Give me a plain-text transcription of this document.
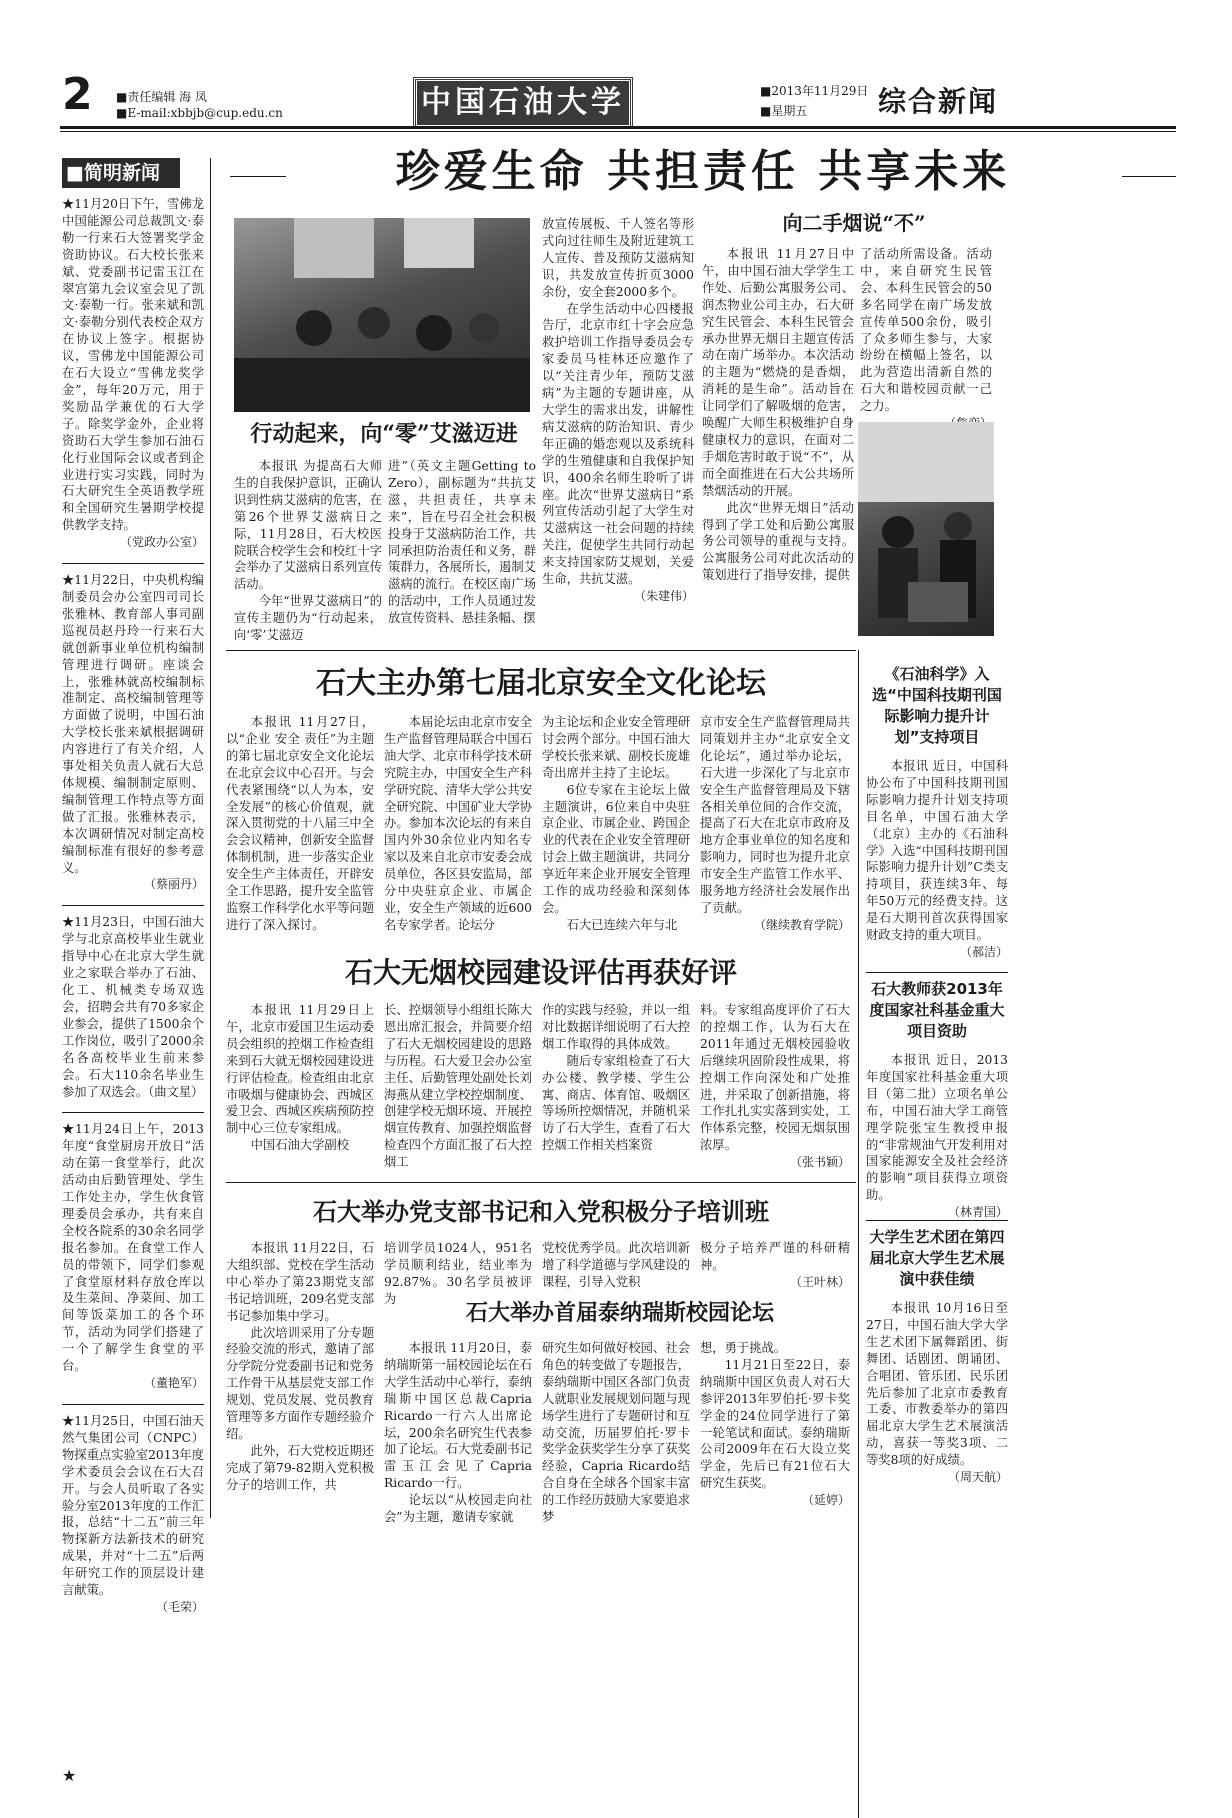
2 ■责任编辑 海 凤
■E-mail:xbbjb@cup.edu.cn	中国石油大学	■2013年11月29日
■星期五	综合新闻
■简明新闻

★11月20日下午，雪佛龙中国能源公司总裁凯文·泰勒一行来石大签署奖学金资助协议。石大校长张来斌、党委副书记雷玉江在翠宫第九会议室会见了凯文·泰勒一行。张来斌和凯文·泰勒分别代表校企双方在协议上签字。根据协议，雪佛龙中国能源公司在石大设立“雪佛龙奖学金”，每年20万元，用于奖励品学兼优的石大学子。除奖学金外，企业将资助石大学生参加石油石化行业国际会议或者到企业进行实习实践，同时为石大研究生全英语教学班和全国研究生暑期学校提供教学支持。

（党政办公室）

★11月22日，中央机构编制委员会办公室四司司长张雅林、教育部人事司副巡视员赵丹玲一行来石大就创新事业单位机构编制管理进行调研。座谈会上，张雅林就高校编制标准制定、高校编制管理等方面做了说明，中国石油大学校长张来斌根据调研内容进行了有关介绍，人事处相关负责人就石大总体规模、编制制定原则、编制管理工作特点等方面做了汇报。张雅林表示，本次调研情况对制定高校编制标准有很好的参考意义。

（蔡丽丹）

★11月23日，中国石油大学与北京高校毕业生就业指导中心在北京大学生就业之家联合举办了石油、化工、机械类专场双选会，招聘会共有70多家企业参会，提供了1500余个工作岗位，吸引了2000余名各高校毕业生前来参会。石大110余名毕业生参加了双选会。（曲文星）

★11月24日上午，2013年度“食堂厨房开放日”活动在第一食堂举行，此次活动由后勤管理处、学生工作处主办，学生伙食管理委员会承办，共有来自全校各院系的30余名同学报名参加。在食堂工作人员的带领下，同学们参观了食堂原材料存放仓库以及生菜间、净菜间、加工间等饭菜加工的各个环节，活动为同学们搭建了一个了解学生食堂的平台。

（董艳军）

★11月25日，中国石油天然气集团公司（CNPC）物探重点实验室2013年度学术委员会会议在石大召开。与会人员听取了各实验分室2013年度的工作汇报，总结“十二五”前三年物探新方法新技术的研究成果，并对“十二五”后两年研究工作的顶层设计建言献策。

（毛荣）

★
珍爱生命 共担责任 共享未来
行动起来，向“零”艾滋迈进

本报讯 为提高石大师生的自我保护意识，正确认识到性病艾滋病的危害，在第26个世界艾滋病日之际，11月28日，石大校医院联合校学生会和校红十字会举办了艾滋病日系列宣传活动。

今年“世界艾滋病日”的宣传主题仍为“行动起来，向‘零’艾滋迈

进”（英文主题Getting to Zero），副标题为“共抗艾滋，共担责任，共享未来”，旨在号召全社会积极投身于艾滋病防治工作，共同承担防治责任和义务，群策群力，各展所长，遏制艾滋病的流行。在校区南广场的活动中，工作人员通过发放宣传资料、悬挂条幅、摆

放宣传展板、千人签名等形式向过往师生及附近建筑工人宣传、普及预防艾滋病知识，共发放宣传折页3000余份，安全套2000多个。

在学生活动中心四楼报告厅，北京市红十字会应急救护培训工作指导委员会专家委员马桂林还应邀作了以“关注青少年，预防艾滋病”为主题的专题讲座，从大学生的需求出发，讲解性病艾滋病的防治知识、青少年正确的婚恋观以及系统科学的生殖健康和自我保护知识，400余名师生聆听了讲座。此次“世界艾滋病日”系列宣传活动引起了大学生对艾滋病这一社会问题的持续关注，促使学生共同行动起来支持国家防艾规划，关爱生命，共抗艾滋。

（朱建伟）

向二手烟说“不”

本报讯 11月27日中午，由中国石油大学学生工作处、后勤公寓服务公司、润杰物业公司主办，石大研究生民管会、本科生民管会承办世界无烟日主题宣传活动在南广场举办。本次活动的主题为“燃烧的是香烟，消耗的是生命”。活动旨在让同学们了解吸烟的危害，唤醒广大师生积极维护自身健康权力的意识，在面对二手烟危害时敢于说“不”，从而全面推进在石大公共场所禁烟活动的开展。

此次“世界无烟日”活动得到了学工处和后勤公寓服务公司领导的重视与支持。公寓服务公司对此次活动的策划进行了指导安排，提供

了活动所需设备。活动中，来自研究生民管会、本科生民管会的50多名同学在南广场发放宣传单500余份，吸引了众多师生参与，大家纷纷在横幅上签名，以此为营造出清新自然的石大和谐校园贡献一己之力。

石大主办第七届北京安全文化论坛

本报讯 11月27日，以“企业 安全 责任”为主题的第七届北京安全文化论坛在北京会议中心召开。与会代表紧围绕“以人为本，安全发展”的核心价值观，就深入贯彻党的十八届三中全会会议精神，创新安全监督体制机制，进一步落实企业安全生产主体责任，开辟安全工作思路，提升安全监管监察工作科学化水平等问题进行了深入探讨。

本届论坛由北京市安全生产监督管理局联合中国石油大学、北京市科学技术研究院主办，中国安全生产科学研究院、清华大学公共安全研究院、中国矿业大学协办。参加本次论坛的有来自国内外30余位业内知名专家以及来自北京市安委会成员单位，各区县安监局，部分中央驻京企业、市属企业，安全生产领域的近600名专家学者。论坛分

为主论坛和企业安全管理研讨会两个部分。中国石油大学校长张来斌、副校长庞雄奇出席并主持了主论坛。

6位专家在主论坛上做主题演讲，6位来自中央驻京企业、市属企业、跨国企业的代表在企业安全管理研讨会上做主题演讲，共同分享近年来企业开展安全管理工作的成功经验和深刻体会。

石大已连续六年与北

京市安全生产监督管理局共同策划并主办“北京安全文化论坛”，通过举办论坛，石大进一步深化了与北京市安全生产监督管理局及下辖各相关单位间的合作交流，提高了石大在北京市政府及地方企事业单位的知名度和影响力，同时也为提升北京市安全生产监管工作水平、服务地方经济社会发展作出了贡献。

（继续教育学院）

石大无烟校园建设评估再获好评

本报讯 11月29日上午，北京市爱国卫生运动委员会组织的控烟工作检查组来到石大就无烟校园建设进行评估检查。检查组由北京市吸烟与健康协会、西城区爱卫会、西城区疾病预防控制中心三位专家组成。

中国石油大学副校

长、控烟领导小组组长陈大恩出席汇报会，并简要介绍了石大无烟校园建设的思路与历程。石大爱卫会办公室主任、后勤管理处副处长刘海燕从建立学校控烟制度、创建学校无烟环境、开展控烟宣传教育、加强控烟监督检查四个方面汇报了石大控烟工

作的实践与经验，并以一组对比数据详细说明了石大控烟工作取得的具体成效。

随后专家组检查了石大办公楼、教学楼、学生公寓、商店、体育馆、吸烟区等场所控烟情况，并随机采访了石大学生，查看了石大控烟工作相关档案资

料。专家组高度评价了石大的控烟工作，认为石大在2011年通过无烟校园验收后继续巩固阶段性成果，将控烟工作向深处和广处推进，并采取了创新措施，将工作扎扎实实落到实处，工作体系完整，校园无烟氛围浓厚。

（张书颖）

石大举办党支部书记和入党积极分子培训班

本报讯 11月22日，石大组织部、党校在学生活动中心举办了第23期党支部书记培训班，209名党支部书记参加集中学习。

此次培训采用了分专题经验交流的形式，邀请了部分学院分党委副书记和党务工作骨干从基层党支部工作规划、党员发展、党员教育管理等多方面作专题经验介绍。

此外，石大党校近期还完成了第79-82期入党积极分子的培训工作，共

培训学员1024人，951名学员顺利结业，结业率为92.87%。30名学员被评为

党校优秀学员。此次培训新增了科学道德与学风建设的课程，引导入党积

极分子培养严谨的科研精神。

（王叶林）

石大举办首届泰纳瑞斯校园论坛

本报讯 11月20日，泰纳瑞斯第一届校园论坛在石大学生活动中心举行，泰纳瑞斯中国区总裁Capria Ricardo一行六人出席论坛，200余名研究生代表参加了论坛。石大党委副书记雷玉江会见了Capria Ricardo一行。

论坛以“从校园走向社会”为主题，邀请专家就

研究生如何做好校园、社会角色的转变做了专题报告，泰纳瑞斯中国区各部门负责人就职业发展规划问题与现场学生进行了专题研讨和互动交流，历届罗伯托·罗卡奖学金获奖学生分享了获奖经验，Capria Ricardo结合自身在全球各个国家丰富的工作经历鼓励大家要追求梦

想，勇于挑战。

11月21日至22日，泰纳瑞斯中国区负责人对石大参评2013年罗伯托·罗卡奖学金的24位同学进行了第一轮笔试和面试。泰纳瑞斯公司2009年在石大设立奖学金，先后已有21位石大研究生获奖。

（延婷）

《石油科学》入选“中国科技期刊国际影响力提升计划”支持项目

本报讯 近日，中国科协公布了中国科技期刊国际影响力提升计划支持项目名单，中国石油大学（北京）主办的《石油科学》入选“中国科技期刊国际影响力提升计划”C类支持项目，获连续3年、每年50万元的经费支持。这是石大期刊首次获得国家财政支持的重大项目。

（郝洁）

石大教师获2013年度国家社科基金重大项目资助

本报讯 近日，2013年度国家社科基金重大项目（第二批）立项名单公布，中国石油大学工商管理学院张宝生教授申报的“非常规油气开发利用对国家能源安全及社会经济的影响”项目获得立项资助。

（林青国）

大学生艺术团在第四届北京大学生艺术展演中获佳绩

本报讯 10月16日至27日，中国石油大学大学生艺术团下属舞蹈团、街舞团、话剧团、朗诵团、合唱团、管乐团、民乐团先后参加了北京市委教育工委、市教委举办的第四届北京大学生艺术展演活动，喜获一等奖3项、二等奖8项的好成绩。

（周天航）
